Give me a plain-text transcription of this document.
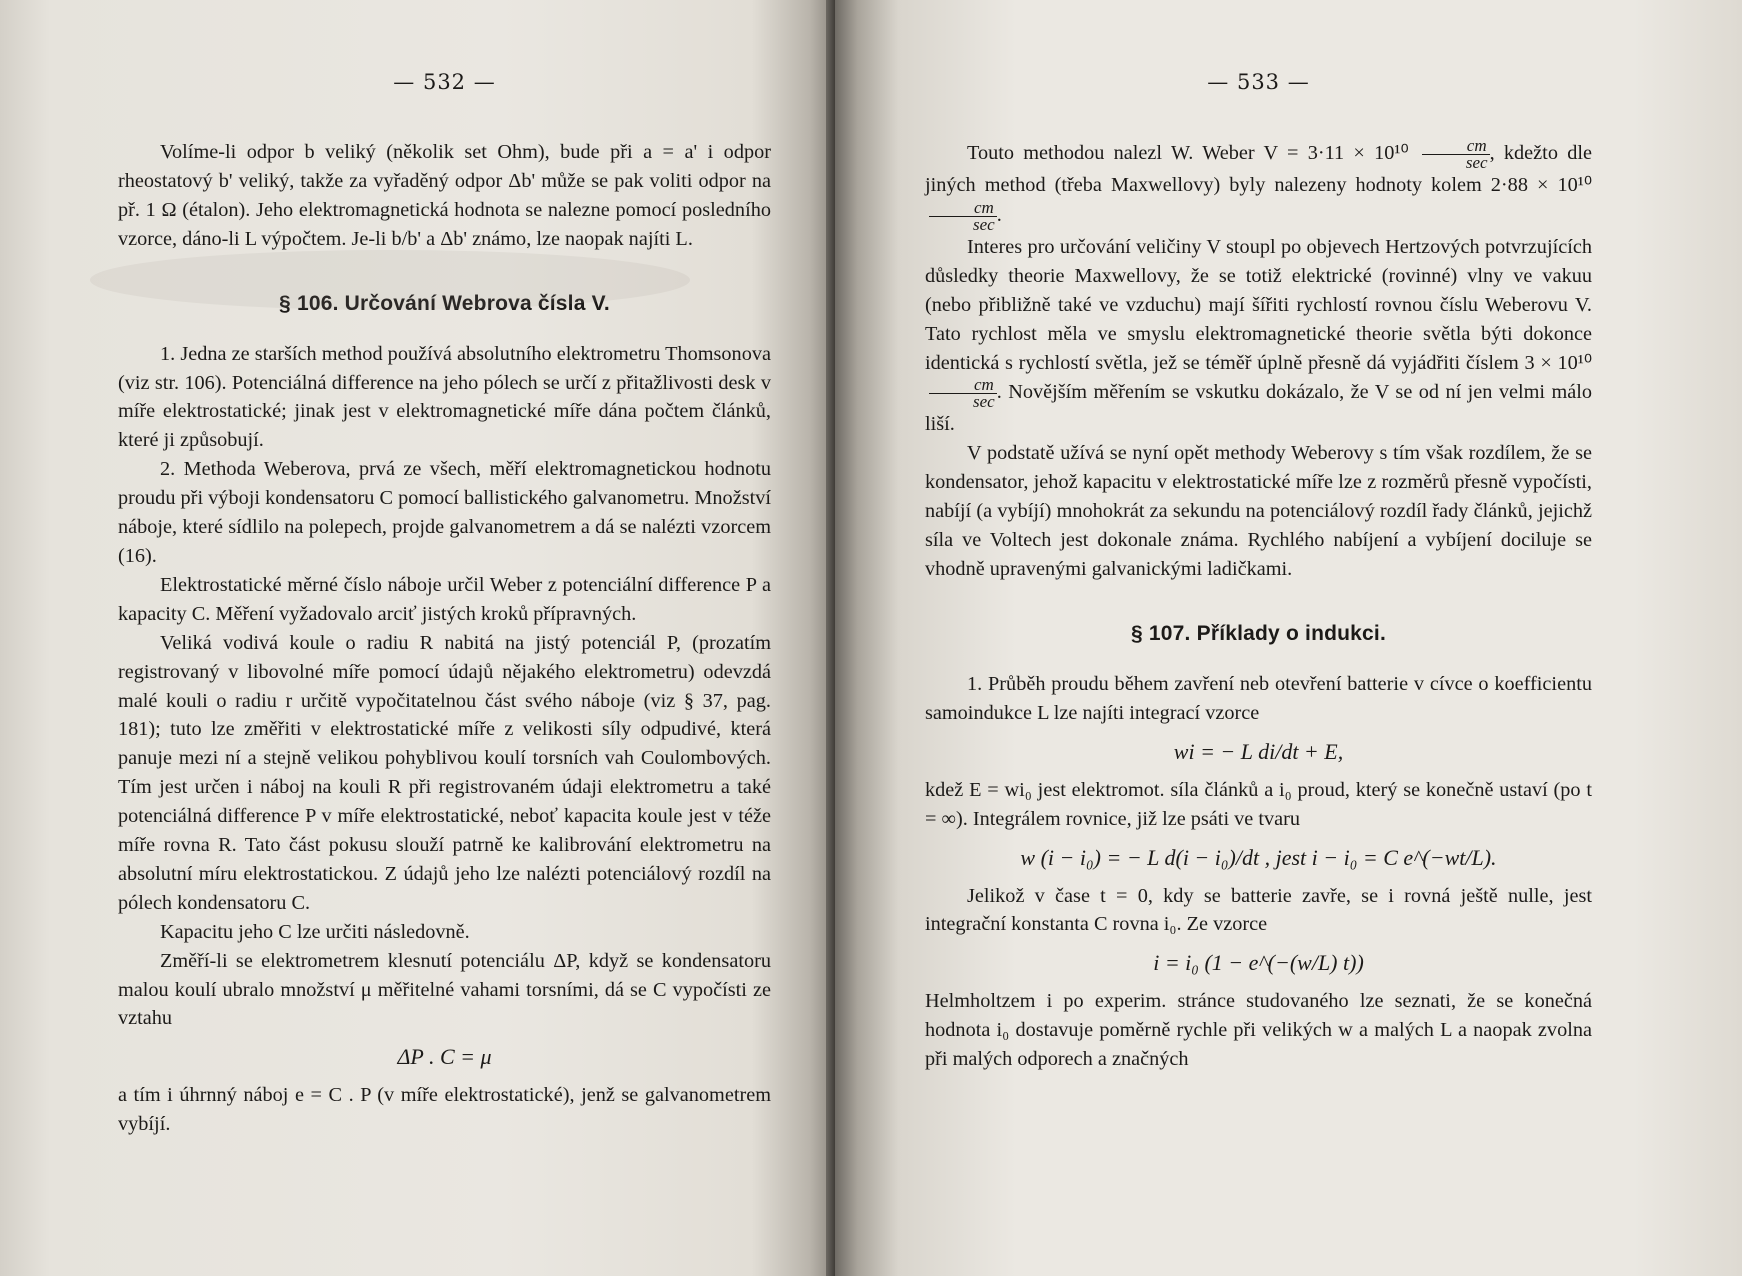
— 532 —

Volíme-li odpor b veliký (několik set Ohm), bude při a = a' i odpor rheostatový b' veliký, takže za vyřaděný odpor Δb' může se pak voliti odpor na př. 1 Ω (étalon). Jeho elektromagnetická hodnota se nalezne pomocí posledního vzorce, dáno-li L výpočtem. Je-li b/b' a Δb' známo, lze naopak najíti L.

§ 106. Určování Webrova čísla V.

1. Jedna ze starších method používá absolutního elektrometru Thomsonova (viz str. 106). Potenciálná difference na jeho pólech se určí z přitažlivosti desk v míře elektrostatické; jinak jest v elektromagnetické míře dána počtem článků, které ji způsobují.

2. Methoda Weberova, prvá ze všech, měří elektromagnetickou hodnotu proudu při výboji kondensatoru C pomocí ballistického galvanometru. Množství náboje, které sídlilo na polepech, projde galvanometrem a dá se nalézti vzorcem (16).

Elektrostatické měrné číslo náboje určil Weber z potenciální difference P a kapacity C. Měření vyžadovalo arciť jistých kroků přípravných.

Veliká vodivá koule o radiu R nabitá na jistý potenciál P, (prozatím registrovaný v libovolné míře pomocí údajů nějakého elektrometru) odevzdá malé kouli o radiu r určitě vypočitatelnou část svého náboje (viz § 37, pag. 181); tuto lze změřiti v elektrostatické míře z velikosti síly odpudivé, která panuje mezi ní a stejně velikou pohyblivou koulí torsních vah Coulombových. Tím jest určen i náboj na kouli R při registrovaném údaji elektrometru a také potenciálná difference P v míře elektrostatické, neboť kapacita koule jest v téže míře rovna R. Tato část pokusu slouží patrně ke kalibrování elektrometru na absolutní míru elektrostatickou. Z údajů jeho lze nalézti potenciálový rozdíl na pólech kondensatoru C.

Kapacitu jeho C lze určiti následovně.

Změří-li se elektrometrem klesnutí potenciálu ΔP, když se kondensatoru malou koulí ubralo množství μ měřitelné vahami torsními, dá se C vypočísti ze vztahu

ΔP . C = μ

a tím i úhrnný náboj e = C . P (v míře elektrostatické), jenž se galvanometrem vybíjí.

— 533 —

Touto methodou nalezl W. Weber $V = 3\cdot 11 \times 10^{10} \frac{cm}{\sec}$ , kdežto dle jiných method (třeba Maxwellovy) byly nalezeny hodnoty kolem 2·88 × 10¹⁰
$\frac{cm}{\sec}$ .

Interes pro určování veličiny V stoupl po objevech Hertzových potvrzujících důsledky theorie Maxwellovy, že se totiž elektrické (rovinné) vlny ve vakuu (nebo přibližně také ve vzduchu) mají šířiti rychlostí rovnou číslu Weberovu V. Tato rychlost měla ve smyslu elektromagnetické theorie světla býti dokonce identická s rychlostí světla, jež se téměř úplně přesně dá vyjádřiti číslem 3 × 10¹⁰
$\frac{cm}{\sec}$ . Novějším měřením se vskutku dokázalo, že V se od ní jen velmi málo liší.

V podstatě užívá se nyní opět methody Weberovy s tím však rozdílem, že se kondensator, jehož kapacitu v elektrostatické míře lze z rozměrů přesně vypočísti, nabíjí (a vybíjí) mnohokrát za sekundu na potenciálový rozdíl řady článků, jejichž síla ve Voltech jest dokonale známa. Rychlého nabíjení a vybíjení dociluje se vhodně upravenými galvanickými ladičkami.

§ 107. Příklady o indukci.

1. Průběh proudu během zavření neb otevření batterie v cívce o koefficientu samoindukce L lze najíti integrací vzorce

wi = − L di/dt + E,

kdež E = wi₀ jest elektromot. síla článků a i₀ proud, který se konečně ustaví (po t = ∞). Integrálem rovnice, již lze psáti ve tvaru

w (i − i₀) = − L d(i − i₀)/dt , jest i − i₀ = C e^(−wt/L).

Jelikož v čase t = 0, kdy se batterie zavře, se i rovná ještě nulle, jest integrační konstanta C rovna i₀. Ze vzorce

i = i₀ (1 − e^(−(w/L) t))

Helmholtzem i po experim. stránce studovaného lze seznati, že se konečná hodnota i₀ dostavuje poměrně rychle při velikých w a malých L a naopak zvolna při malých odporech a značných
